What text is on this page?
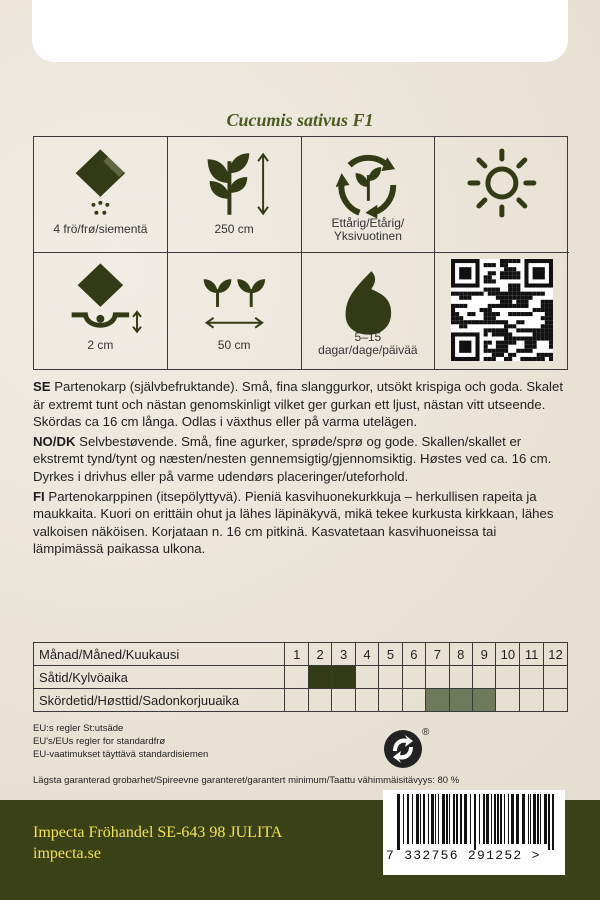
Cucumis sativus F1
4 frö/frø/siementä	250 cm	Ettårig/Etårig/
Yksivuotinen
2 cm	50 cm
5–15
dagar/dage/päivää

SE Partenokarp (självbefruktande). Små, fina slanggurkor, utsökt krispiga och goda. Skalet är extremt tunt och nästan genomskinligt vilket ger gurkan ett ljust, nästan vitt utseende. Skördas ca 16 cm långa. Odlas i växthus eller på varma utelägen.

NO/DK Selvbestøvende. Små, fine agurker, sprøde/sprø og gode. Skallen/skallet er ekstremt tynd/tynt og næsten/nesten gennemsigtig/gjennomsiktig. Høstes ved ca. 16 cm. Dyrkes i drivhus eller på varme udendørs placeringer/uteforhold.

FI Partenokarppinen (itsepölyttyvä). Pieniä kasvihuonekurkkuja – herkullisen rapeita ja maukkaita. Kuori on erittäin ohut ja lähes läpinäkyvä, mikä tekee kurkusta kirkkaan, lähes valkoisen näköisen. Korjataan n. 16 cm pitkinä. Kasvatetaan kasvihuoneissa tai lämpimässä paikassa ulkona.

Månad/Måned/Kuukausi	1	2	3	4	5	6	7	8	9	10	11	12
Såtid/Kylvöaika												
Skördetid/Høsttid/Sadonkorjuuaika												
EU:s regler St:utsäde
EU's/EUs regler for standardfrø
EU-vaatimukset täyttävä standardisiemen
®
Lägsta garanterad grobarhet/Spireevne garanteret/garantert minimum/Taattu vähimmäisitävyys: 80 %
Impecta Fröhandel SE-643 98 JULITA
impecta.se	7 332756 291252 >
